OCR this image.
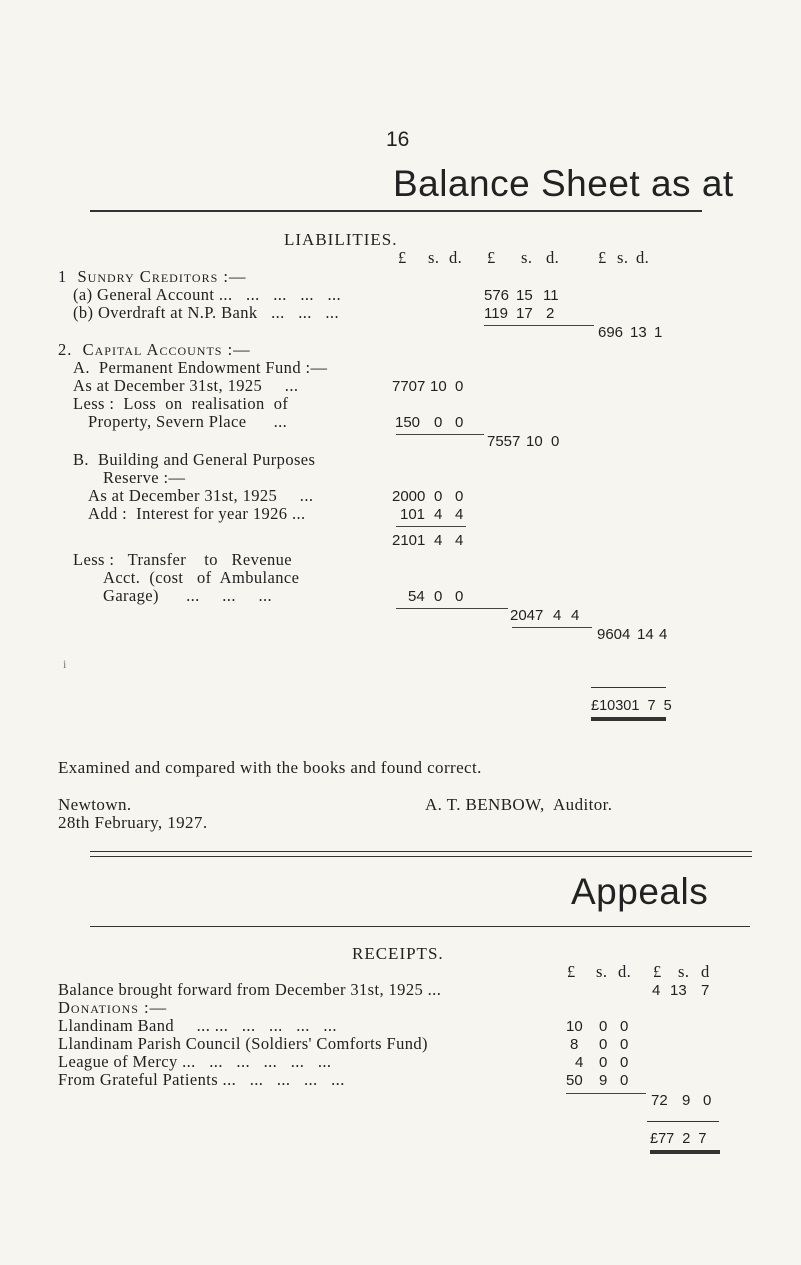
16
Balance Sheet as at
LIABILITIES.
£ s. d. £ s. d. £ s. d.
1  Sundry Creditors :—
(a) General Account ...   ...   ...   ...   ...	576 15 11
(b) Overdraft at N.P. Bank   ...   ...   ...	119 17 2
696 13 1
2.  Capital Accounts :—
A.  Permanent Endowment Fund :—
As at December 31st, 1925     ...	7707 10 0
Less :  Loss  on  realisation  of
Property, Severn Place      ...	150 0 0
7557 10 0
B.  Building and General Purposes
Reserve :—
As at December 31st, 1925     ...	2000 0 0
Add :  Interest for year 1926 ...	101 4 4
2101 4 4
Less :   Transfer    to   Revenue
Acct.  (cost   of  Ambulance
Garage)      ...     ...     ...	54 0 0
2047 4 4
9604 14 4
i
£10301  7  5
Examined and compared with the books and found correct.
Newtown.	A. T. BENBOW,  Auditor.
28th February, 1927.
Appeals
RECEIPTS.
£ s. d. £ s. d
Balance brought forward from December 31st, 1925 ...	4 13 7
Donations :—
Llandinam Band     ... ...   ...   ...   ...   ...	10 0 0
Llandinam Parish Council (Soldiers' Comforts Fund)	8 0 0
League of Mercy ...   ...   ...   ...   ...   ...	4 0 0
From Grateful Patients ...   ...   ...   ...   ...	50 9 0
72 9 0
£77  2  7
